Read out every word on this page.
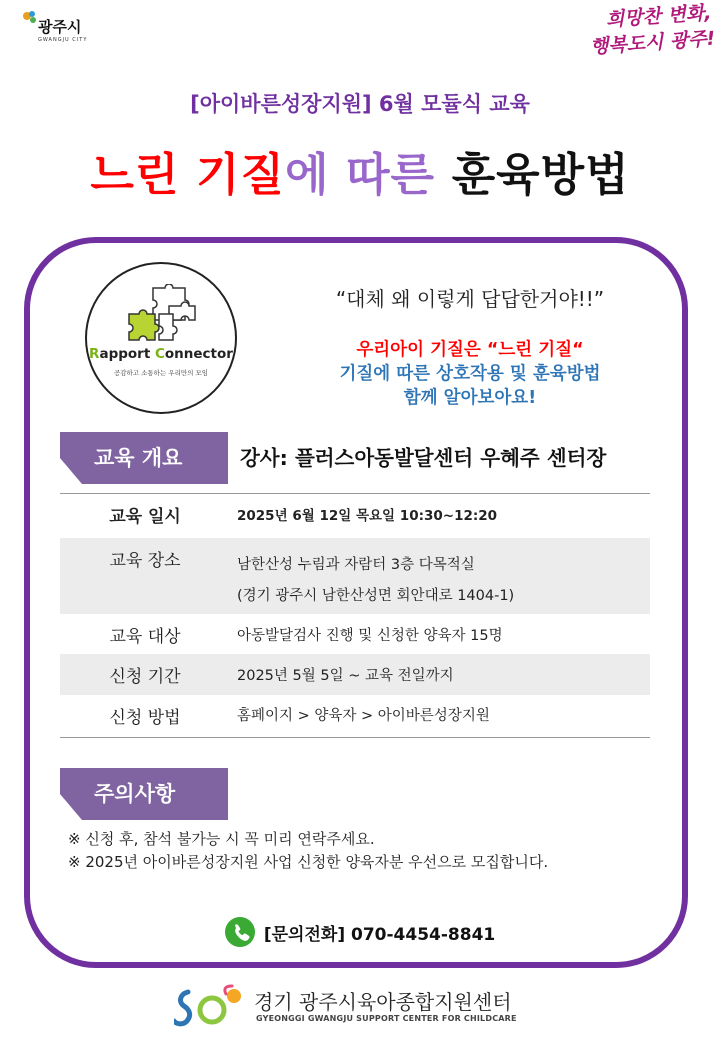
광주시
GWANGJU CITY
희망찬 변화,
행복도시 광주!
[아이바른성장지원] 6월 모듈식 교육
느린 기질에 따른 훈육방법
Rapport Connector
공감하고 소통하는 우리만의 모임
“대체 왜 이렇게 답답한거야!!”
우리아이 기질은 “느린 기질“
기질에 따른 상호작용 및 훈육방법
함께 알아보아요!
교육 개요	강사: 플러스아동발달센터 우혜주 센터장
교육 일시	2025년 6월 12일 목요일 10:30~12:20
교육 장소	남한산성 누림과 자람터 3층 다목적실
(경기 광주시 남한산성면 회안대로 1404-1)
교육 대상	아동발달검사 진행 및 신청한 양육자 15명
신청 기간	2025년 5월 5일 ~ 교육 전일까지
신청 방법	홈페이지 > 양육자 > 아이바른성장지원
주의사항
※ 신청 후, 참석 불가능 시 꼭 미리 연락주세요.
※ 2025년 아이바른성장지원 사업 신청한 양육자분 우선으로 모집합니다.
[문의전화] 070-4454-8841
경기 광주시육아종합지원센터
GYEONGGI GWANGJU SUPPORT CENTER FOR CHILDCARE
